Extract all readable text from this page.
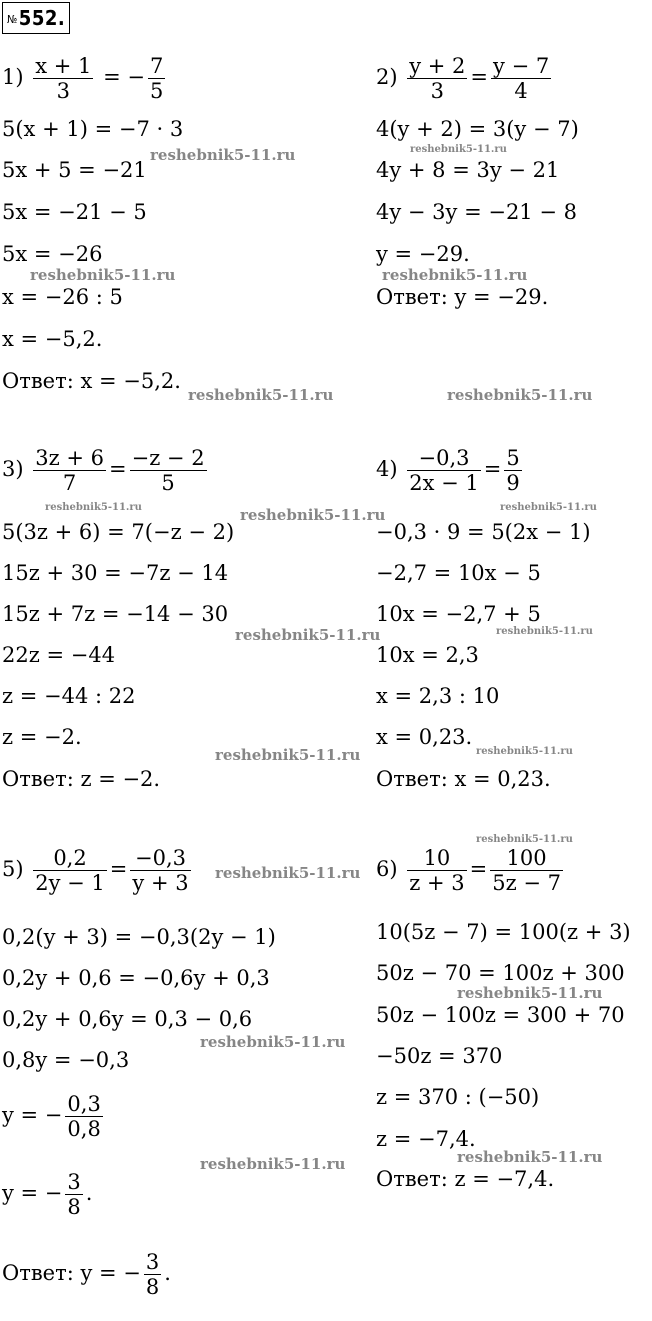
№552.
$1) \frac{x + 1}{3}$ = − $\frac{7}{5}$
5(x + 1) = −7 · 3
5x + 5 = −21
5x = −21 − 5
5x = −26
x = −26 : 5
x = −5,2.
Ответ: x = −5,2.
$2) \frac{y + 2}{3} = \frac{y - 7}{4}$
4(y + 2) = 3(y − 7)
4y + 8 = 3y − 21
4y − 3y = −21 − 8
y = −29.
Ответ: y = −29.
$3) \frac{3z + 6}{7} = \frac{-z - 2}{5}$
5(3z + 6) = 7(−z − 2)
15z + 30 = −7z − 14
15z + 7z = −14 − 30
22z = −44
z = −44 : 22
z = −2.
Ответ: z = −2.
$4) \frac{-0,3}{2x - 1} = \frac{5}{9}$
−0,3 · 9 = 5(2x − 1)
−2,7 = 10x − 5
10x = −2,7 + 5
10x = 2,3
x = 2,3 : 10
x = 0,23.
Ответ: x = 0,23.
$5) \frac{0,2}{2y - 1} = \frac{-0,3}{y + 3}$
0,2(y + 3) = −0,3(2y − 1)
0,2y + 0,6 = −0,6y + 0,3
0,2y + 0,6y = 0,3 − 0,6
0,8y = −0,3
y = − $\frac{0,3}{0,8}$
y = − $\frac{3}{8}$ .
Ответ: y = − $\frac{3}{8}$ .
$6) \frac{10}{z + 3} = \frac{100}{5z - 7}$
10(5z − 7) = 100(z + 3)
50z − 70 = 100z + 300
50z − 100z = 300 + 70
−50z = 370
z = 370 : (−50)
z = −7,4.
Ответ: z = −7,4.
reshebnik5-11.ru	reshebnik5-11.ru
reshebnik5-11.ru	reshebnik5-11.ru
reshebnik5-11.ru	reshebnik5-11.ru
reshebnik5-11.ru	reshebnik5-11.ru	reshebnik5-11.ru
reshebnik5-11.ru	reshebnik5-11.ru
reshebnik5-11.ru	reshebnik5-11.ru
reshebnik5-11.ru
reshebnik5-11.ru
reshebnik5-11.ru
reshebnik5-11.ru
reshebnik5-11.ru	reshebnik5-11.ru
